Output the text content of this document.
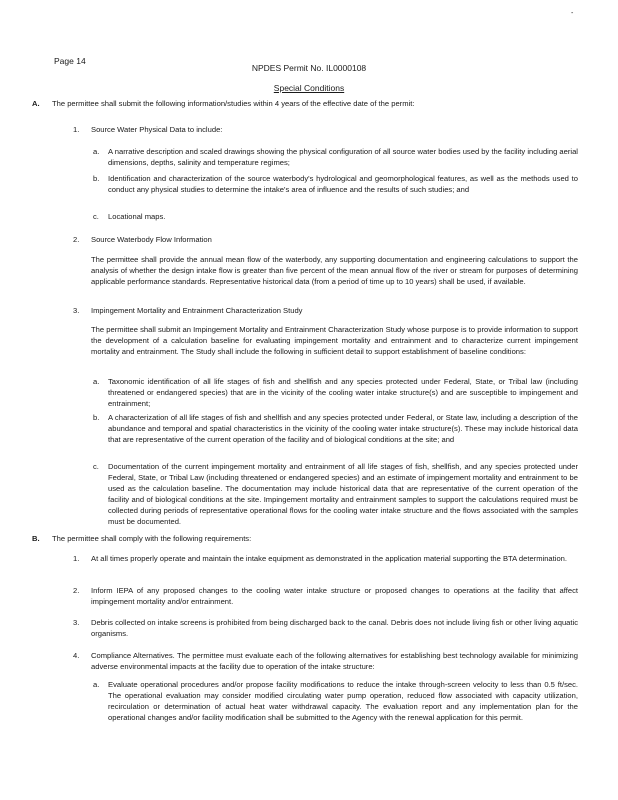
-
Page 14
NPDES Permit No. IL0000108
Special Conditions
A. The permittee shall submit the following information/studies within 4 years of the effective date of the permit:
1. Source Water Physical Data to include:
a. A narrative description and scaled drawings showing the physical configuration of all source water bodies used by the facility including aerial dimensions, depths, salinity and temperature regimes;
b. Identification and characterization of the source waterbody's hydrological and geomorphological features, as well as the methods used to conduct any physical studies to determine the intake's area of influence and the results of such studies; and
c. Locational maps.
2. Source Waterbody Flow Information
The permittee shall provide the annual mean flow of the waterbody, any supporting documentation and engineering calculations to support the analysis of whether the design intake flow is greater than five percent of the mean annual flow of the river or stream for purposes of determining applicable performance standards. Representative historical data (from a period of time up to 10 years) shall be used, if available.
3. Impingement Mortality and Entrainment Characterization Study
The permittee shall submit an Impingement Mortality and Entrainment Characterization Study whose purpose is to provide information to support the development of a calculation baseline for evaluating impingement mortality and entrainment and to characterize current impingement mortality and entrainment. The Study shall include the following in sufficient detail to support establishment of baseline conditions:
a. Taxonomic identification of all life stages of fish and shellfish and any species protected under Federal, State, or Tribal law (including threatened or endangered species) that are in the vicinity of the cooling water intake structure(s) and are susceptible to impingement and entrainment;
b. A characterization of all life stages of fish and shellfish and any species protected under Federal, or State law, including a description of the abundance and temporal and spatial characteristics in the vicinity of the cooling water intake structure(s). These may include historical data that are representative of the current operation of the facility and of biological conditions at the site; and
c. Documentation of the current impingement mortality and entrainment of all life stages of fish, shellfish, and any species protected under Federal, State, or Tribal Law (including threatened or endangered species) and an estimate of impingement mortality and entrainment to be used as the calculation baseline. The documentation may include historical data that are representative of the current operation of the facility and of biological conditions at the site. Impingement mortality and entrainment samples to support the calculations required must be collected during periods of representative operational flows for the cooling water intake structure and the flows associated with the samples must be documented.
B. The permittee shall comply with the following requirements:
1. At all times properly operate and maintain the intake equipment as demonstrated in the application material supporting the BTA determination.
2. Inform IEPA of any proposed changes to the cooling water intake structure or proposed changes to operations at the facility that affect impingement mortality and/or entrainment.
3. Debris collected on intake screens is prohibited from being discharged back to the canal. Debris does not include living fish or other living aquatic organisms.
4. Compliance Alternatives. The permittee must evaluate each of the following alternatives for establishing best technology available for minimizing adverse environmental impacts at the facility due to operation of the intake structure:
a. Evaluate operational procedures and/or propose facility modifications to reduce the intake through-screen velocity to less than 0.5 ft/sec. The operational evaluation may consider modified circulating water pump operation, reduced flow associated with capacity utilization, recirculation or determination of actual heat water withdrawal capacity. The evaluation report and any implementation plan for the operational changes and/or facility modification shall be submitted to the Agency with the renewal application for this permit.
